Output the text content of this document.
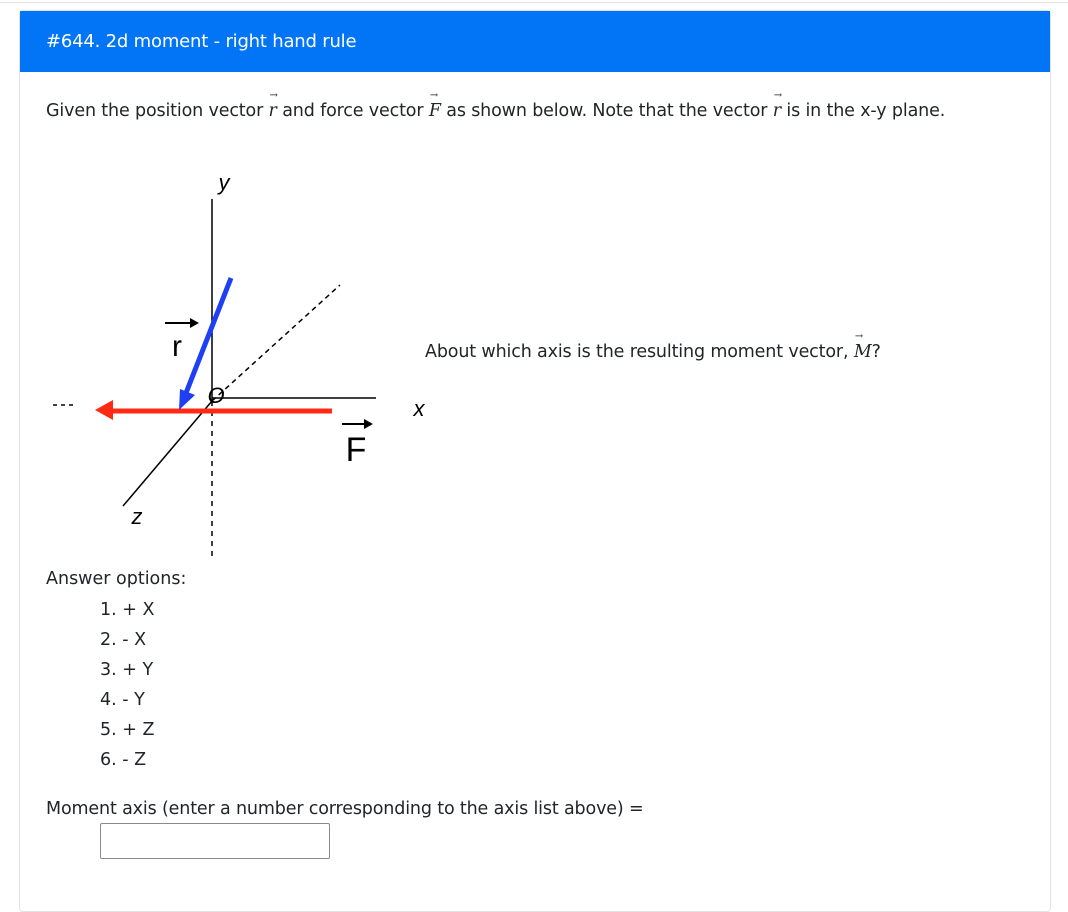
#644. 2d moment - right hand rule
Given the position vector
→
r and force vector
→
F as shown below. Note that the vector
→
r is in the x-y plane.
y
x
z
O
r
F
About which axis is the resulting moment vector,
→
M?
Answer options:
1. + X
2. - X
3. + Y
4. - Y
5. + Z
6. - Z
Moment axis (enter a number corresponding to the axis list above) =
